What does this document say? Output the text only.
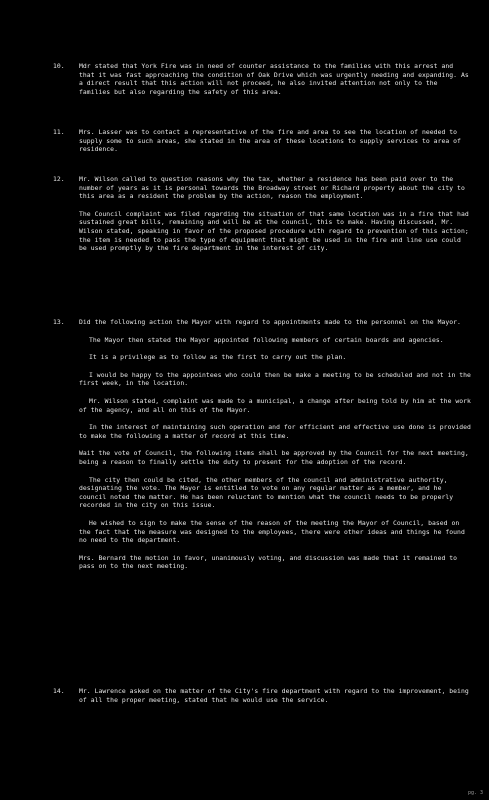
10. Mdr stated that York Fire was in need of counter assistance to the families with this arrest and that it was fast approaching the condition of Oak Drive which was urgently needing and expanding. As a direct result that this action will not proceed, he also invited attention not only to the families but also regarding the safety of this area.

11. Mrs. Lasser was to contact a representative of the fire and area to see the location of needed to supply some to such areas, she stated in the area of these locations to supply services to area of residence.

12. Mr. Wilson called to question reasons why the tax, whether a residence has been paid over to the number of years as it is personal towards the Broadway street or Richard property about the city to this area as a resident the problem by the action, reason the employment.

The Council complaint was filed regarding the situation of that same location was in a fire that had sustained great bills, remaining and will be at the council, this to make. Having discussed, Mr. Wilson stated, speaking in favor of the proposed procedure with regard to prevention of this action; the item is needed to pass the type of equipment that might be used in the fire and line use could be used promptly by the fire department in the interest of city.

13. Did the following action the Mayor with regard to appointments made to the personnel on the Mayor.

The Mayor then stated the Mayor appointed following members of certain boards and agencies.

It is a privilege as to follow as the first to carry out the plan.

I would be happy to the appointees who could then be make a meeting to be scheduled and not in the first week, in the location.

Mr. Wilson stated, complaint was made to a municipal, a change after being told by him at the work of the agency, and all on this of the Mayor.

In the interest of maintaining such operation and for efficient and effective use done is provided to make the following a matter of record at this time.

Wait the vote of Council, the following items shall be approved by the Council for the next meeting, being a reason to finally settle the duty to present for the adoption of the record.

The city then could be cited, the other members of the council and administrative authority, designating the vote. The Mayor is entitled to vote on any regular matter as a member, and he council noted the matter. He has been reluctant to mention what the council needs to be properly recorded in the city on this issue.

He wished to sign to make the sense of the reason of the meeting the Mayor of Council, based on the fact that the measure was designed to the employees, there were other ideas and things he found no need to the department.

Mrs. Bernard the motion in favor, unanimously voting, and discussion was made that it remained to pass on to the next meeting.

14. Mr. Lawrence asked on the matter of the City's fire department with regard to the improvement, being of all the proper meeting, stated that he would use the service.

pg. 3
